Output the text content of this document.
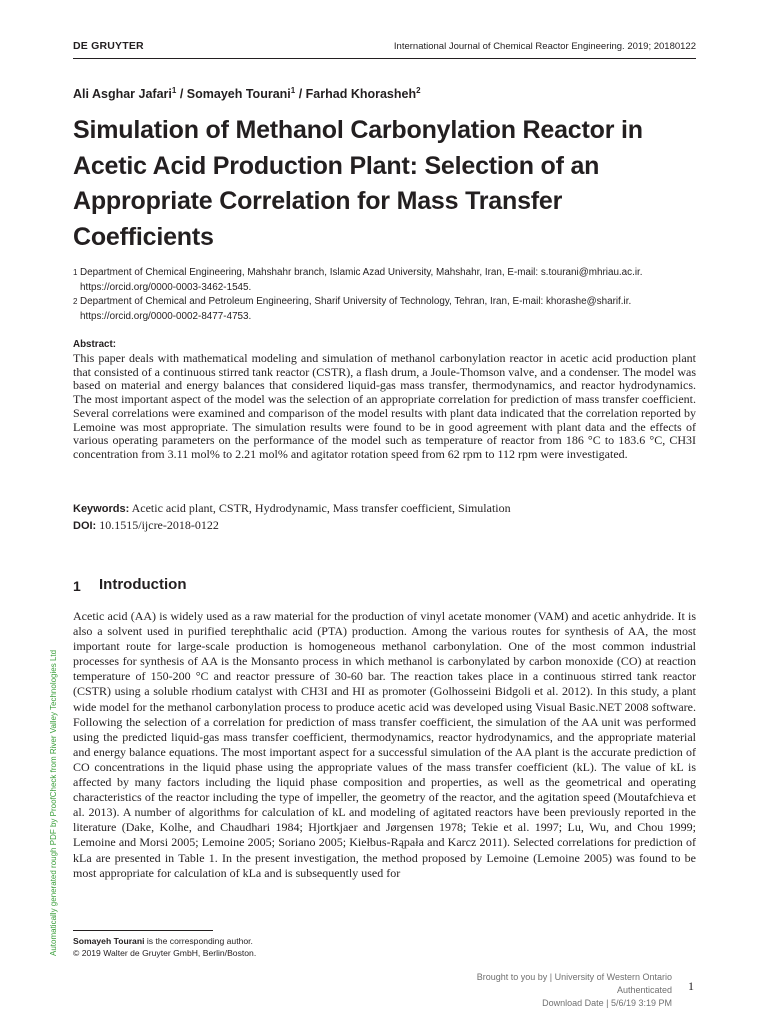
DE GRUYTER	International Journal of Chemical Reactor Engineering. 2019; 20180122
Ali Asghar Jafari$^1$ / Somayeh Tourani$^1$ / Farhad Khorasheh$^2$
Simulation of Methanol Carbonylation Reactor in Acetic Acid Production Plant: Selection of an Appropriate Correlation for Mass Transfer Coefficients
1 Department of Chemical Engineering, Mahshahr branch, Islamic Azad University, Mahshahr, Iran, E-mail: s.tourani@mhriau.ac.ir. https://orcid.org/0000-0003-3462-1545.
2 Department of Chemical and Petroleum Engineering, Sharif University of Technology, Tehran, Iran, E-mail: khorashe@sharif.ir. https://orcid.org/0000-0002-8477-4753.
Abstract:

This paper deals with mathematical modeling and simulation of methanol carbonylation reactor in acetic acid production plant that consisted of a continuous stirred tank reactor (CSTR), a flash drum, a Joule-Thomson valve, and a condenser. The model was based on material and energy balances that considered liquid-gas mass transfer, thermodynamics, and reactor hydrodynamics. The most important aspect of the model was the selection of an appropriate correlation for prediction of mass transfer coefficient. Several correlations were examined and comparison of the model results with plant data indicated that the correlation reported by Lemoine was most appropriate. The simulation results were found to be in good agreement with plant data and the effects of various operating parameters on the performance of the model such as temperature of reactor from 186 °C to 183.6 °C, CH3I concentration from 3.11 mol% to 2.21 mol% and agitator rotation speed from 62 rpm to 112 rpm were investigated.

Keywords: Acetic acid plant, CSTR, Hydrodynamic, Mass transfer coefficient, Simulation
DOI: 10.1515/ijcre-2018-0122
1 Introduction

Acetic acid (AA) is widely used as a raw material for the production of vinyl acetate monomer (VAM) and acetic anhydride. It is also a solvent used in purified terephthalic acid (PTA) production. Among the various routes for synthesis of AA, the most important route for large-scale production is homogeneous methanol carbonylation. One of the most common industrial processes for synthesis of AA is the Monsanto process in which methanol is carbonylated by carbon monoxide (CO) at reaction temperature of 150-200 °C and reactor pressure of 30-60 bar. The reaction takes place in a continuous stirred tank reactor (CSTR) using a soluble rhodium catalyst with CH3I and HI as promoter (Golhosseini Bidgoli et al. 2012). In this study, a plant wide model for the methanol carbonylation process to produce acetic acid was developed using Visual Basic.NET 2008 software. Following the selection of a correlation for prediction of mass transfer coefficient, the simulation of the AA unit was performed using the predicted liquid-gas mass transfer coefficient, thermodynamics, reactor hydrodynamics, and the appropriate material and energy balance equations. The most important aspect for a successful simulation of the AA plant is the accurate prediction of CO concentrations in the liquid phase using the appropriate values of the mass transfer coefficient (kL). The value of kL is affected by many factors including the liquid phase composition and properties, as well as the geometrical and operating characteristics of the reactor including the type of impeller, the geometry of the reactor, and the agitation speed (Moutafchieva et al. 2013). A number of algorithms for calculation of kL and modeling of agitated reactors have been previously reported in the literature (Dake, Kolhe, and Chaudhari 1984; Hjortkjaer and Jørgensen 1978; Tekie et al. 1997; Lu, Wu, and Chou 1999; Lemoine and Morsi 2005; Lemoine 2005; Soriano 2005; Kiełbus-Rąpała and Karcz 2011). Selected correlations for prediction of kLa are presented in Table 1. In the present investigation, the method proposed by Lemoine (Lemoine 2005) was found to be most appropriate for calculation of kLa and is subsequently used for

Automatically generated rough PDF by ProofCheck from River Valley Technologies Ltd Somayeh Tourani is the corresponding author.
© 2019 Walter de Gruyter GmbH, Berlin/Boston.
Brought to you by | University of Western Ontario
Authenticated
Download Date | 5/6/19 3:19 PM
1
